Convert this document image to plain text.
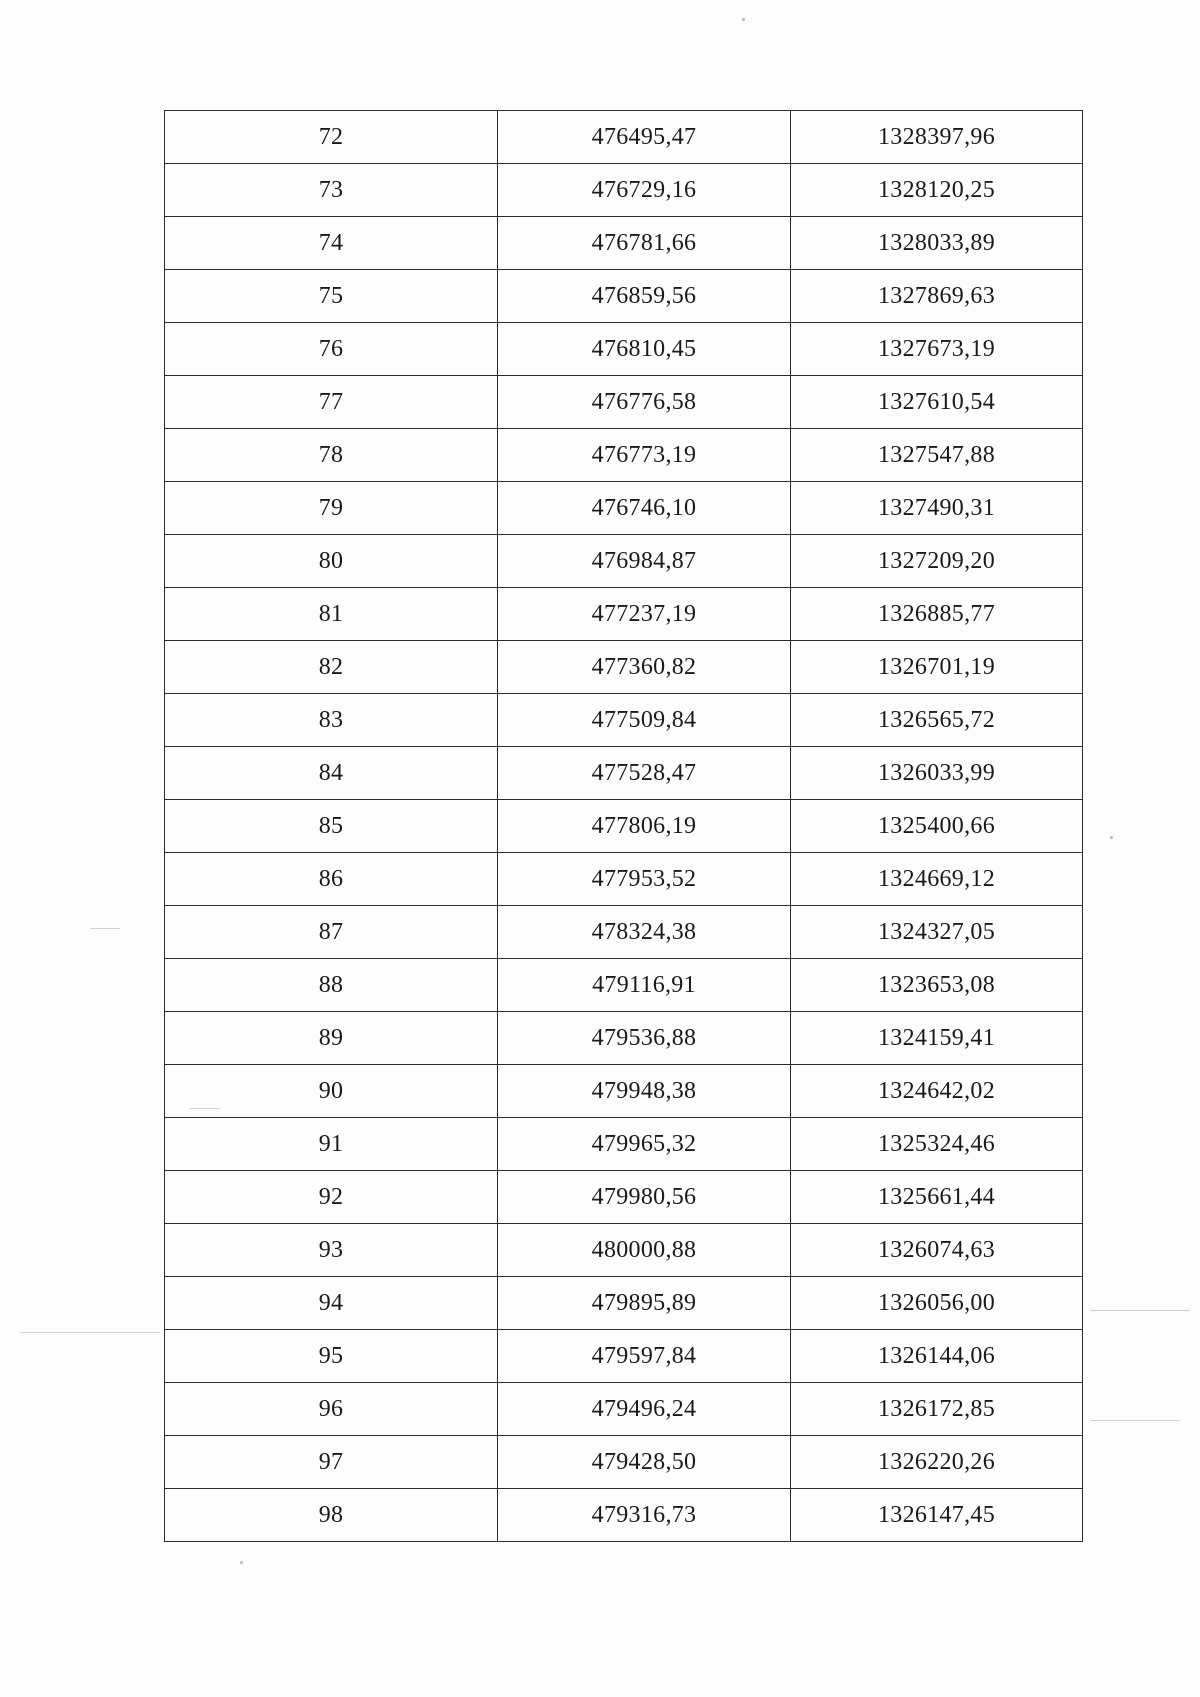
72	476495,47	1328397,96
73	476729,16	1328120,25
74	476781,66	1328033,89
75	476859,56	1327869,63
76	476810,45	1327673,19
77	476776,58	1327610,54
78	476773,19	1327547,88
79	476746,10	1327490,31
80	476984,87	1327209,20
81	477237,19	1326885,77
82	477360,82	1326701,19
83	477509,84	1326565,72
84	477528,47	1326033,99
85	477806,19	1325400,66
86	477953,52	1324669,12
87	478324,38	1324327,05
88	479116,91	1323653,08
89	479536,88	1324159,41
90	479948,38	1324642,02
91	479965,32	1325324,46
92	479980,56	1325661,44
93	480000,88	1326074,63
94	479895,89	1326056,00
95	479597,84	1326144,06
96	479496,24	1326172,85
97	479428,50	1326220,26
98	479316,73	1326147,45
